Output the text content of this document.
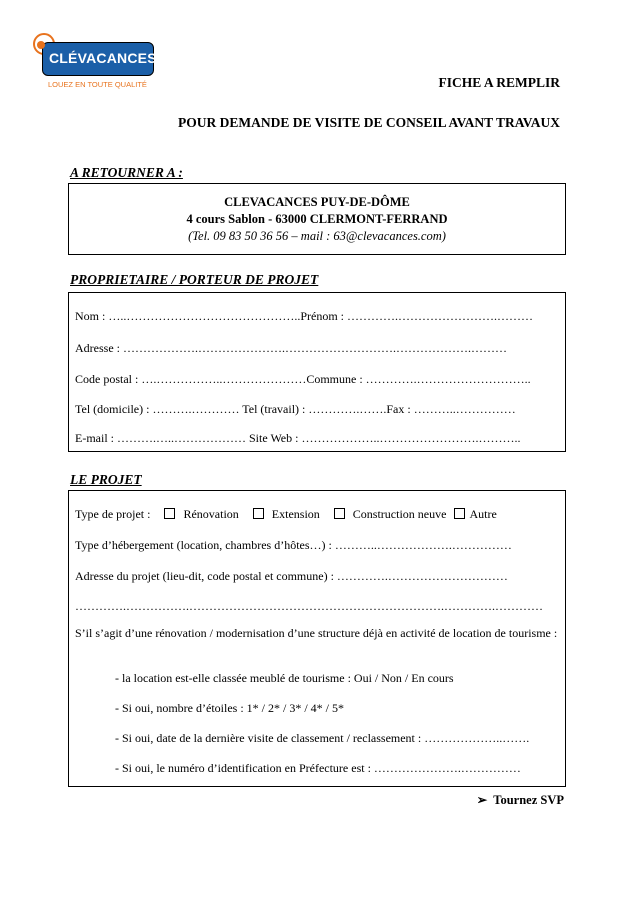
CLÉVACANCES
LOUEZ EN TOUTE QUALITÉ	FICHE A REMPLIR
POUR DEMANDE DE VISITE DE CONSEIL AVANT TRAVAUX
A RETOURNER A :
CLEVACANCES PUY-DE-DÔME
4 cours Sablon - 63000 CLERMONT-FERRAND
(Tel. 09 83 50 36 56 – mail : 63@clevacances.com)
PROPRIETAIRE / PORTEUR DE PROJET
Nom : …..……………………………………..Prénom : ………….…………………….………
Adresse : ……………….………………….……………………….……………….………
Code postal : ….……………..…………………Commune : ………….………………………..
Tel (domicile) : ……….………… Tel (travail) : ………….…….Fax : ………..……………
E-mail : ……….…..……………… Site Web : ………………..…………………….………..
LE PROJET
Type de projet :	Rénovation	Extension	Construction neuve Autre
Type d’hébergement (location, chambres d’hôtes…) : ………..……………….……………
Adresse du projet (lieu-dit, code postal et commune) : ………….…………………………
………….…………….……………………………………………………….………….…………
S’il s’agit d’une rénovation / modernisation d’une structure déjà en activité de location de tourisme :
- la location est-elle classée meublé de tourisme : Oui / Non / En cours
- Si oui, nombre d’étoiles : 1* / 2* / 3* / 4* / 5*
- Si oui, date de la dernière visite de classement / reclassement : ………………..…….
- Si oui, le numéro d’identification en Préfecture est : ………………….……………
➢ Tournez SVP
